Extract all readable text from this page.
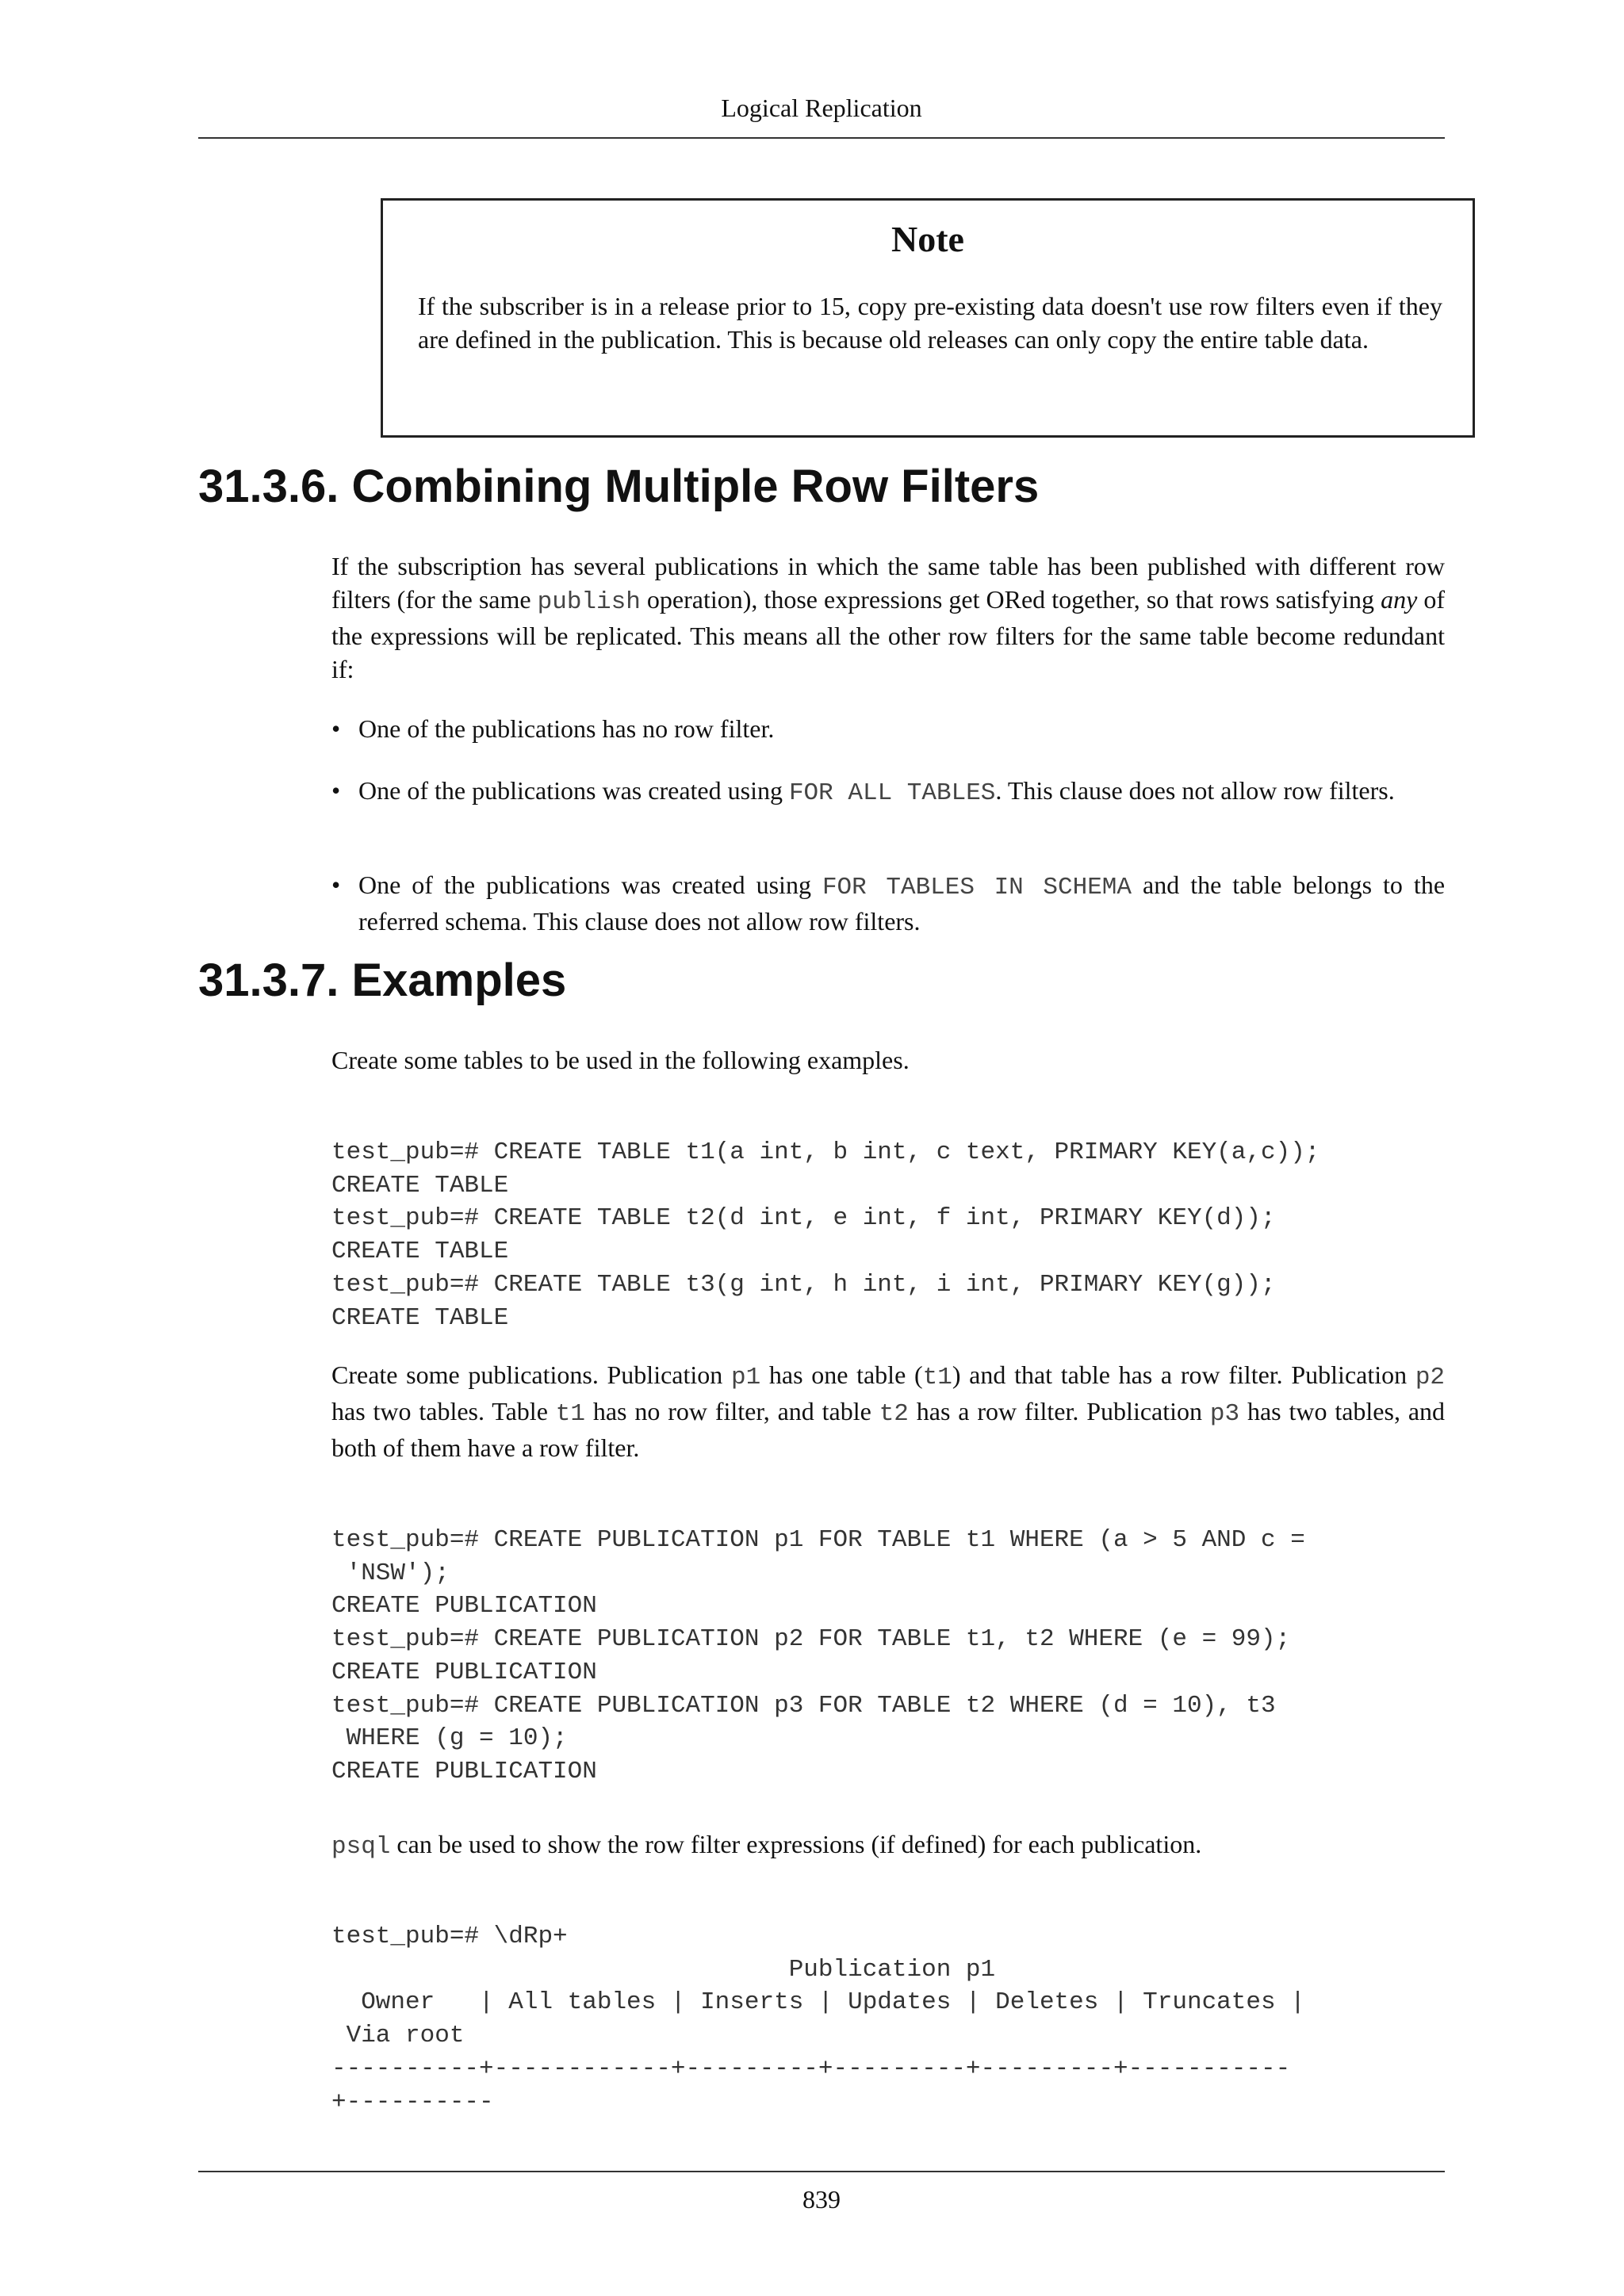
Logical Replication
Note
If the subscriber is in a release prior to 15, copy pre-existing data doesn't use row filters even if they are defined in the publication. This is because old releases can only copy the entire table data.
31.3.6. Combining Multiple Row Filters

If the subscription has several publications in which the same table has been published with different row filters (for the same publish operation), those expressions get ORed together, so that rows satisfying any of the expressions will be replicated. This means all the other row filters for the same table become redundant if:

• One of the publications has no row filter.
• One of the publications was created using FOR ALL TABLES. This clause does not allow row filters.
• One of the publications was created using FOR TABLES IN SCHEMA and the table belongs to the referred schema. This clause does not allow row filters.
31.3.7. Examples

Create some tables to be used in the following examples.

test_pub=# CREATE TABLE t1(a int, b int, c text, PRIMARY KEY(a,c));
CREATE TABLE
test_pub=# CREATE TABLE t2(d int, e int, f int, PRIMARY KEY(d));
CREATE TABLE
test_pub=# CREATE TABLE t3(g int, h int, i int, PRIMARY KEY(g));
CREATE TABLE

Create some publications. Publication p1 has one table (t1) and that table has a row filter. Publication p2 has two tables. Table t1 has no row filter, and table t2 has a row filter. Publication p3 has two tables, and both of them have a row filter.

test_pub=# CREATE PUBLICATION p1 FOR TABLE t1 WHERE (a > 5 AND c =
'NSW');
CREATE PUBLICATION
test_pub=# CREATE PUBLICATION p2 FOR TABLE t1, t2 WHERE (e = 99);
CREATE PUBLICATION
test_pub=# CREATE PUBLICATION p3 FOR TABLE t2 WHERE (d = 10), t3
WHERE (g = 10);
CREATE PUBLICATION

psql can be used to show the row filter expressions (if defined) for each publication.

test_pub=# \dRp+
Publication p1
Owner   | All tables | Inserts | Updates | Deletes | Truncates |
Via root
----------+------------+---------+---------+---------+-----------
+----------
839
